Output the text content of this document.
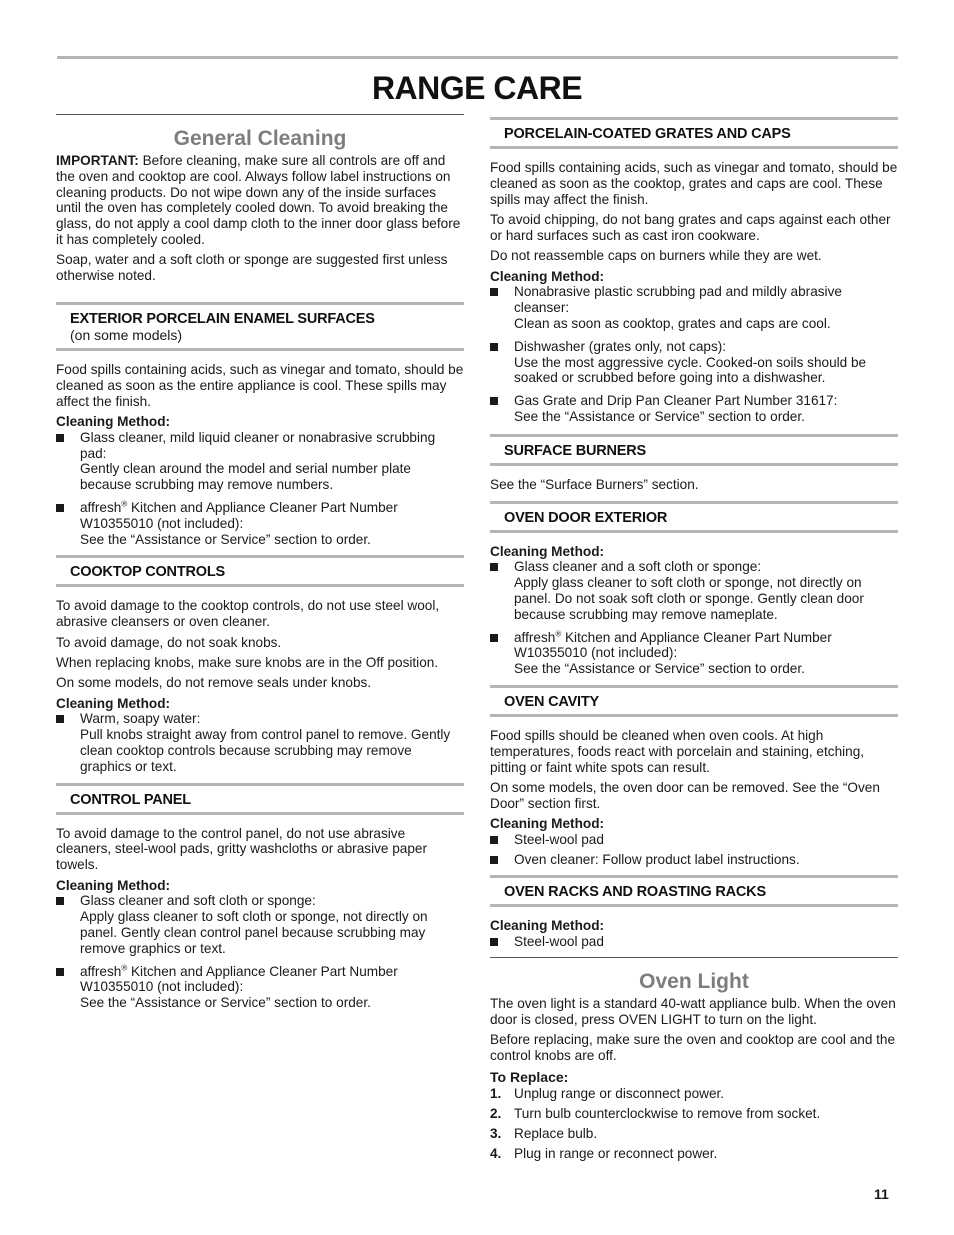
RANGE CARE
General Cleaning

IMPORTANT: Before cleaning, make sure all controls are off and the oven and cooktop are cool. Always follow label instructions on cleaning products. Do not wipe down any of the inside surfaces until the oven has completely cooled down. To avoid breaking the glass, do not apply a cool damp cloth to the inner door glass before it has completely cooled.

Soap, water and a soft cloth or sponge are suggested first unless otherwise noted.

EXTERIOR PORCELAIN ENAMEL SURFACES
(on some models)

Food spills containing acids, such as vinegar and tomato, should be cleaned as soon as the entire appliance is cool. These spills may affect the finish.

Cleaning Method:
Glass cleaner, mild liquid cleaner or nonabrasive scrubbing pad:
Gently clean around the model and serial number plate because scrubbing may remove numbers.
affresh® Kitchen and Appliance Cleaner Part Number W10355010 (not included):
See the “Assistance or Service” section to order.
COOKTOP CONTROLS

To avoid damage to the cooktop controls, do not use steel wool, abrasive cleansers or oven cleaner.

To avoid damage, do not soak knobs.

When replacing knobs, make sure knobs are in the Off position.

On some models, do not remove seals under knobs.

Cleaning Method:
Warm, soapy water:
Pull knobs straight away from control panel to remove. Gently clean cooktop controls because scrubbing may remove graphics or text.
CONTROL PANEL

To avoid damage to the control panel, do not use abrasive cleaners, steel-wool pads, gritty washcloths or abrasive paper towels.

Cleaning Method:
Glass cleaner and soft cloth or sponge:
Apply glass cleaner to soft cloth or sponge, not directly on panel. Gently clean control panel because scrubbing may remove graphics or text.
affresh® Kitchen and Appliance Cleaner Part Number W10355010 (not included):
See the “Assistance or Service” section to order.
PORCELAIN-COATED GRATES AND CAPS

Food spills containing acids, such as vinegar and tomato, should be cleaned as soon as the cooktop, grates and caps are cool. These spills may affect the finish.

To avoid chipping, do not bang grates and caps against each other or hard surfaces such as cast iron cookware.

Do not reassemble caps on burners while they are wet.

Cleaning Method:
Nonabrasive plastic scrubbing pad and mildly abrasive cleanser:
Clean as soon as cooktop, grates and caps are cool.
Dishwasher (grates only, not caps):
Use the most aggressive cycle. Cooked-on soils should be soaked or scrubbed before going into a dishwasher.
Gas Grate and Drip Pan Cleaner Part Number 31617:
See the “Assistance or Service” section to order.
SURFACE BURNERS

See the “Surface Burners” section.

OVEN DOOR EXTERIOR
Cleaning Method:
Glass cleaner and a soft cloth or sponge:
Apply glass cleaner to soft cloth or sponge, not directly on panel. Do not soak soft cloth or sponge. Gently clean door because scrubbing may remove nameplate.
affresh® Kitchen and Appliance Cleaner Part Number W10355010 (not included):
See the “Assistance or Service” section to order.
OVEN CAVITY

Food spills should be cleaned when oven cools. At high temperatures, foods react with porcelain and staining, etching, pitting or faint white spots can result.

On some models, the oven door can be removed. See the “Oven Door” section first.

Cleaning Method:
Steel-wool pad
Oven cleaner: Follow product label instructions.
OVEN RACKS AND ROASTING RACKS
Cleaning Method:
Steel-wool pad
Oven Light

The oven light is a standard 40-watt appliance bulb. When the oven door is closed, press OVEN LIGHT to turn on the light.

Before replacing, make sure the oven and cooktop are cool and the control knobs are off.

To Replace:
1. Unplug range or disconnect power.
2. Turn bulb counterclockwise to remove from socket.
3. Replace bulb.
4. Plug in range or reconnect power.
11
